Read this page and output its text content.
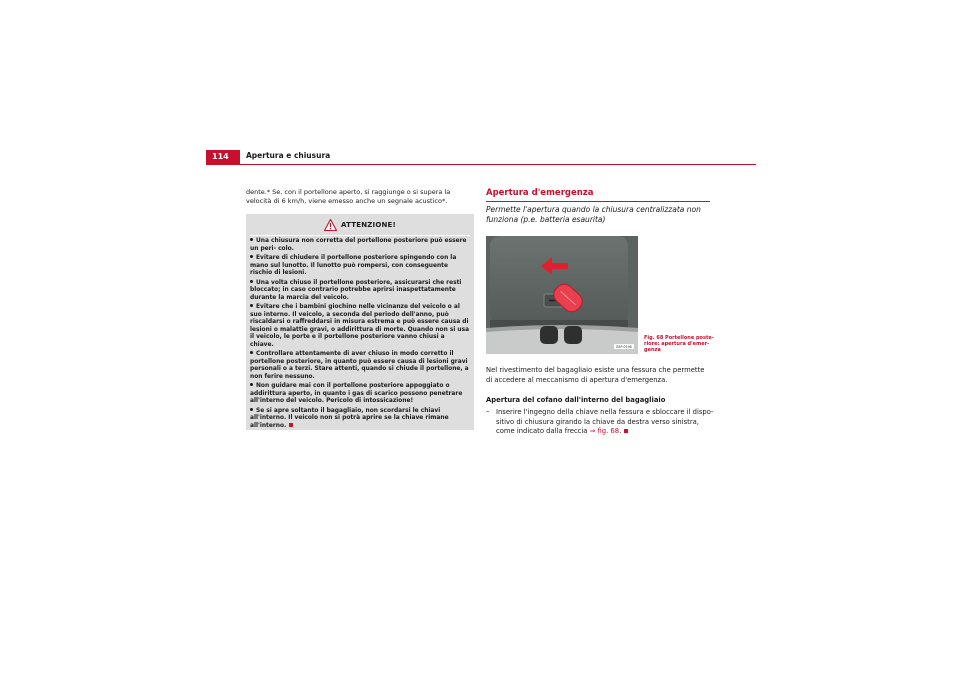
114	Apertura e chiusura

dente.* Se, con il portellone aperto, si raggiunge o si supera la velocità di 6 km/h, viene emesso anche un segnale acustico*.

ATTENZIONE!
Una chiusura non corretta del portellone posteriore può essere un peri- colo.
Evitare di chiudere il portellone posteriore spingendo con la mano sul lunotto. Il lunotto può rompersi, con conseguente rischio di lesioni.
Una volta chiuso il portellone posteriore, assicurarsi che resti bloccato; in caso contrario potrebbe aprirsi inaspettatamente durante la marcia del veicolo.
Evitare che i bambini giochino nelle vicinanze del veicolo o al suo interno. Il veicolo, a seconda del periodo dell'anno, può riscaldarsi o raffreddarsi in misura estrema e può essere causa di lesioni o malattie gravi, o addirittura di morte. Quando non si usa il veicolo, le porte e il portellone posteriore vanno chiusi a chiave.
Controllare attentamente di aver chiuso in modo corretto il portellone posteriore, in quanto può essere causa di lesioni gravi personali o a terzi. Stare attenti, quando si chiude il portellone, a non ferire nessuno.
Non guidare mai con il portellone posteriore appoggiato o addirittura aperto, in quanto i gas di scarico possono penetrare all'interno del veicolo. Pericolo di intossicazione!
Se si apre soltanto il bagagliaio, non scordarsi le chiavi all'interno. Il veicolo non si potrà aprire se la chiave rimane all'interno.
Apertura d'emergenza

Permette l'apertura quando la chiusura centralizzata non funziona (p.e. batteria esaurita)

B5P-0198

Fig. 68 Portellone poste- riore: apertura d'emer- genza

Nel rivestimento del bagagliaio esiste una fessura che permette di accedere al meccanismo di apertura d'emergenza.

Apertura del cofano dall'interno del bagagliaio

– Inserire l'ingegno della chiave nella fessura e sbloccare il dispo- sitivo di chiusura girando la chiave da destra verso sinistra, come indicato dalla freccia ⇒ fig. 68.
